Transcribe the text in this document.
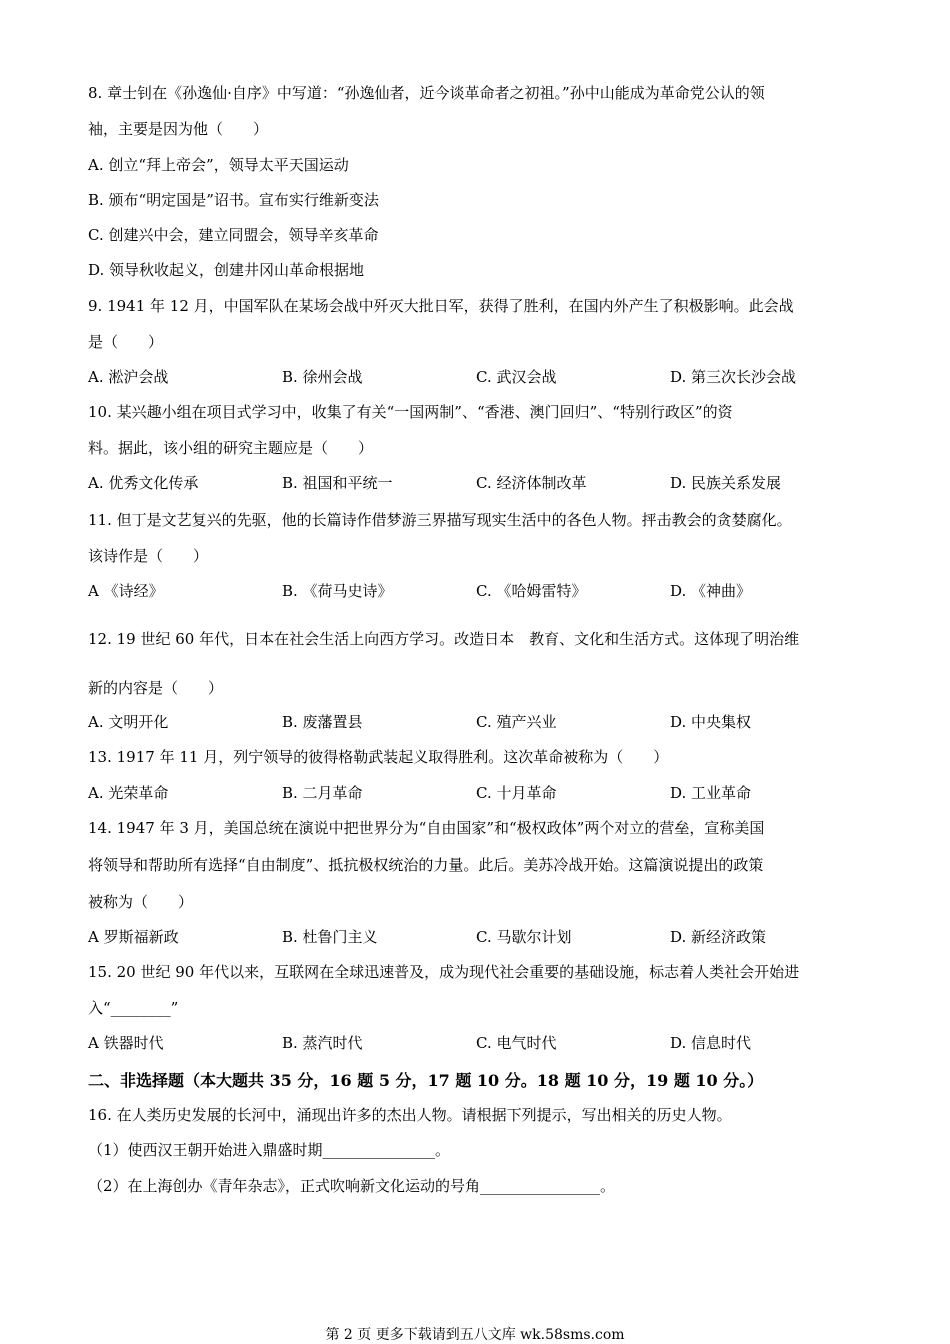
8. 章士钊在《孙逸仙·自序》中写道：“孙逸仙者，近今谈革命者之初祖。”孙中山能成为革命党公认的领
袖，主要是因为他（　　）
A. 创立“拜上帝会”，领导太平天国运动
B. 颁布“明定国是”诏书。宣布实行维新变法
C. 创建兴中会，建立同盟会，领导辛亥革命
D. 领导秋收起义，创建井冈山革命根据地
9. 1941 年 12 月，中国军队在某场会战中歼灭大批日军，获得了胜利，在国内外产生了积极影响。此会战
是（　　）
A. 淞沪会战	B. 徐州会战	C. 武汉会战	D. 第三次长沙会战
10. 某兴趣小组在项目式学习中，收集了有关“一国两制”、“香港、澳门回归”、“特别行政区”的资
料。据此，该小组的研究主题应是（　　）
A. 优秀文化传承	B. 祖国和平统一	C. 经济体制改革	D. 民族关系发展
11. 但丁是文艺复兴的先驱，他的长篇诗作借梦游三界描写现实生活中的各色人物。抨击教会的贪婪腐化。
该诗作是（　　）
A 《诗经》	B. 《荷马史诗》	C. 《哈姆雷特》	D. 《神曲》
12. 19 世纪 60 年代，日本在社会生活上向西方学习。改造日本　教育、文化和生活方式。这体现了明治维
新的内容是（　　）
A. 文明开化	B. 废藩置县	C. 殖产兴业	D. 中央集权
13. 1917 年 11 月，列宁领导的彼得格勒武装起义取得胜利。这次革命被称为（　　）
A. 光荣革命	B. 二月革命	C. 十月革命	D. 工业革命
14. 1947 年 3 月，美国总统在演说中把世界分为“自由国家”和“极权政体”两个对立的营垒，宣称美国
将领导和帮助所有选择“自由制度”、抵抗极权统治的力量。此后。美苏冷战开始。这篇演说提出的政策
被称为（　　）
A 罗斯福新政	B. 杜鲁门主义	C. 马歇尔计划	D. 新经济政策
15. 20 世纪 90 年代以来，互联网在全球迅速普及，成为现代社会重要的基础设施，标志着人类社会开始进
入“________”
A 铁器时代	B. 蒸汽时代	C. 电气时代	D. 信息时代
二、非选择题（本大题共 35 分，16 题 5 分，17 题 10 分。18 题 10 分，19 题 10 分。）
16. 在人类历史发展的长河中，涌现出许多的杰出人物。请根据下列提示，写出相关的历史人物。
（1）使西汉王朝开始进入鼎盛时期_______________。
（2）在上海创办《青年杂志》，正式吹响新文化运动的号角________________。
第 2 页 更多下载请到五八文库 wk.58sms.com
